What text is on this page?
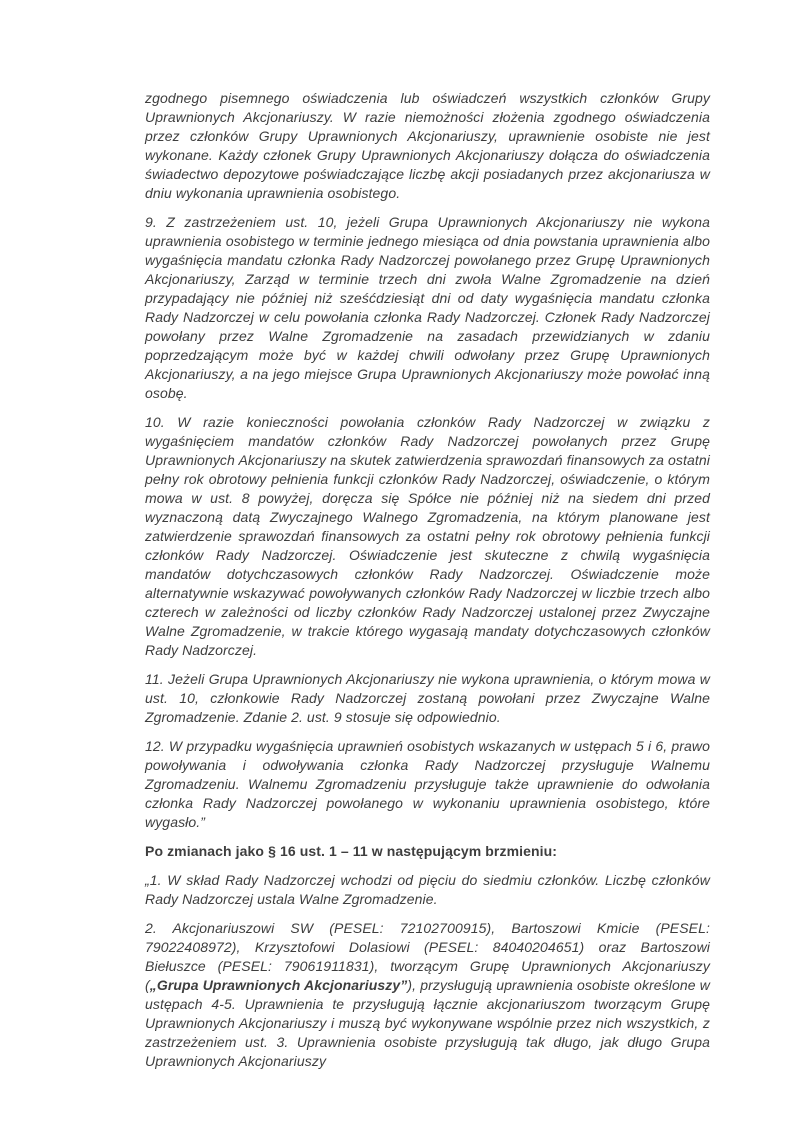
zgodnego pisemnego oświadczenia lub oświadczeń wszystkich członków Grupy Uprawnionych Akcjonariuszy. W razie niemożności złożenia zgodnego oświadczenia przez członków Grupy Uprawnionych Akcjonariuszy, uprawnienie osobiste nie jest wykonane. Każdy członek Grupy Uprawnionych Akcjonariuszy dołącza do oświadczenia świadectwo depozytowe poświadczające liczbę akcji posiadanych przez akcjonariusza w dniu wykonania uprawnienia osobistego.

9. Z zastrzeżeniem ust. 10, jeżeli Grupa Uprawnionych Akcjonariuszy nie wykona uprawnienia osobistego w terminie jednego miesiąca od dnia powstania uprawnienia albo wygaśnięcia mandatu członka Rady Nadzorczej powołanego przez Grupę Uprawnionych Akcjonariuszy, Zarząd w terminie trzech dni zwoła Walne Zgromadzenie na dzień przypadający nie później niż sześćdziesiąt dni od daty wygaśnięcia mandatu członka Rady Nadzorczej w celu powołania członka Rady Nadzorczej. Członek Rady Nadzorczej powołany przez Walne Zgromadzenie na zasadach przewidzianych w zdaniu poprzedzającym może być w każdej chwili odwołany przez Grupę Uprawnionych Akcjonariuszy, a na jego miejsce Grupa Uprawnionych Akcjonariuszy może powołać inną osobę.

10. W razie konieczności powołania członków Rady Nadzorczej w związku z wygaśnięciem mandatów członków Rady Nadzorczej powołanych przez Grupę Uprawnionych Akcjonariuszy na skutek zatwierdzenia sprawozdań finansowych za ostatni pełny rok obrotowy pełnienia funkcji członków Rady Nadzorczej, oświadczenie, o którym mowa w ust. 8 powyżej, doręcza się Spółce nie później niż na siedem dni przed wyznaczoną datą Zwyczajnego Walnego Zgromadzenia, na którym planowane jest zatwierdzenie sprawozdań finansowych za ostatni pełny rok obrotowy pełnienia funkcji członków Rady Nadzorczej. Oświadczenie jest skuteczne z chwilą wygaśnięcia mandatów dotychczasowych członków Rady Nadzorczej. Oświadczenie może alternatywnie wskazywać powoływanych członków Rady Nadzorczej w liczbie trzech albo czterech w zależności od liczby członków Rady Nadzorczej ustalonej przez Zwyczajne Walne Zgromadzenie, w trakcie którego wygasają mandaty dotychczasowych członków Rady Nadzorczej.

11. Jeżeli Grupa Uprawnionych Akcjonariuszy nie wykona uprawnienia, o którym mowa w ust. 10, członkowie Rady Nadzorczej zostaną powołani przez Zwyczajne Walne Zgromadzenie. Zdanie 2. ust. 9 stosuje się odpowiednio.

12. W przypadku wygaśnięcia uprawnień osobistych wskazanych w ustępach 5 i 6, prawo powoływania i odwoływania członka Rady Nadzorczej przysługuje Walnemu Zgromadzeniu. Walnemu Zgromadzeniu przysługuje także uprawnienie do odwołania członka Rady Nadzorczej powołanego w wykonaniu uprawnienia osobistego, które wygasło.”

Po zmianach jako § 16 ust. 1 – 11 w następującym brzmieniu:

„1. W skład Rady Nadzorczej wchodzi od pięciu do siedmiu członków. Liczbę członków Rady Nadzorczej ustala Walne Zgromadzenie.

2. Akcjonariuszowi SW (PESEL: 72102700915), Bartoszowi Kmicie (PESEL: 79022408972), Krzysztofowi Dolasiowi (PESEL: 84040204651) oraz Bartoszowi Biełuszce (PESEL: 79061911831), tworzącym Grupę Uprawnionych Akcjonariuszy („Grupa Uprawnionych Akcjonariuszy”), przysługują uprawnienia osobiste określone w ustępach 4-5. Uprawnienia te przysługują łącznie akcjonariuszom tworzącym Grupę Uprawnionych Akcjonariuszy i muszą być wykonywane wspólnie przez nich wszystkich, z zastrzeżeniem ust. 3. Uprawnienia osobiste przysługują tak długo, jak długo Grupa Uprawnionych Akcjonariuszy
